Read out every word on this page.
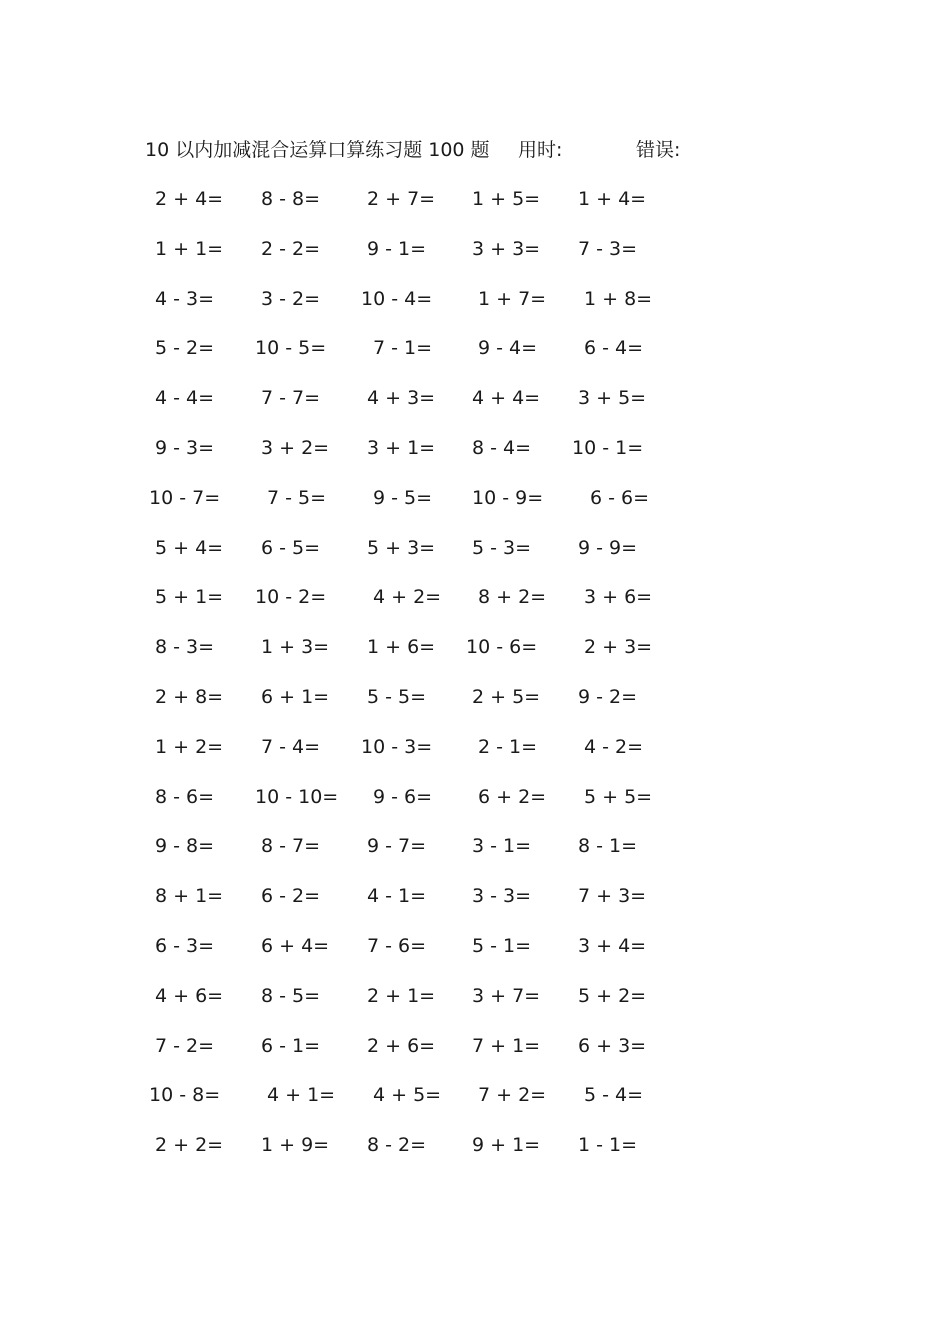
10 以内加减混合运算口算练习题 100 题 用时:	错误:
2 + 4= 8 - 8= 2 + 7= 1 + 5= 1 + 4=
1 + 1= 2 - 2= 9 - 1= 3 + 3= 7 - 3=
4 - 3= 3 - 2= 10 - 4= 1 + 7= 1 + 8=
5 - 2= 10 - 5= 7 - 1= 9 - 4= 6 - 4=
4 - 4= 7 - 7= 4 + 3= 4 + 4= 3 + 5=
9 - 3= 3 + 2= 3 + 1= 8 - 4= 10 - 1=
10 - 7= 7 - 5= 9 - 5= 10 - 9= 6 - 6=
5 + 4= 6 - 5= 5 + 3= 5 - 3= 9 - 9=
5 + 1= 10 - 2= 4 + 2= 8 + 2= 3 + 6=
8 - 3= 1 + 3= 1 + 6= 10 - 6= 2 + 3=
2 + 8= 6 + 1= 5 - 5= 2 + 5= 9 - 2=
1 + 2= 7 - 4= 10 - 3= 2 - 1= 4 - 2=
8 - 6= 10 - 10= 9 - 6= 6 + 2= 5 + 5=
9 - 8= 8 - 7= 9 - 7= 3 - 1= 8 - 1=
8 + 1= 6 - 2= 4 - 1= 3 - 3= 7 + 3=
6 - 3= 6 + 4= 7 - 6= 5 - 1= 3 + 4=
4 + 6= 8 - 5= 2 + 1= 3 + 7= 5 + 2=
7 - 2= 6 - 1= 2 + 6= 7 + 1= 6 + 3=
10 - 8= 4 + 1= 4 + 5= 7 + 2= 5 - 4=
2 + 2= 1 + 9= 8 - 2= 9 + 1= 1 - 1=
